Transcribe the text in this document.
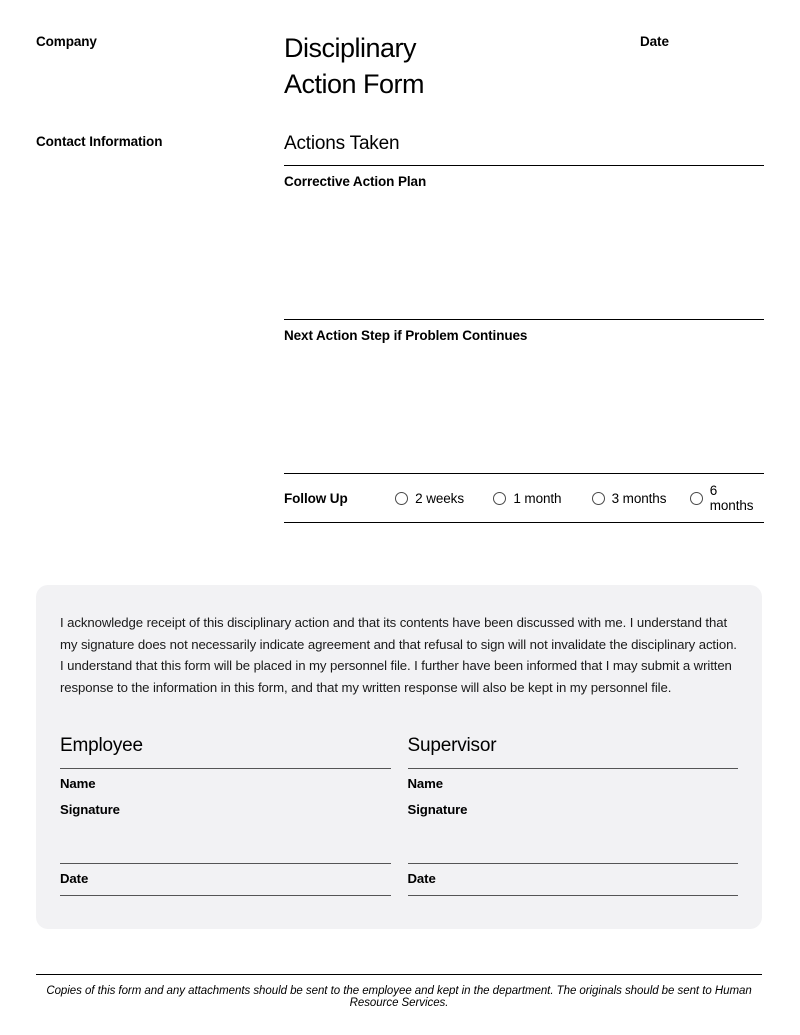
Company
Contact Information
Disciplinary
Action Form
Date
Actions Taken
Corrective Action Plan
Next Action Step if Problem Continues
Follow Up	2 weeks	1 month	3 months	6 months
I acknowledge receipt of this disciplinary action and that its contents have been discussed with me. I understand that my signature does not necessarily indicate agreement and that refusal to sign will not invalidate the disciplinary action. I understand that this form will be placed in my personnel file. I further have been informed that I may submit a written response to the information in this form, and that my written response will also be kept in my personnel file.
Employee
Name
Signature
Date
Supervisor
Name
Signature
Date
Copies of this form and any attachments should be sent to the employee and kept in the department. The originals should be sent to Human Resource Services.
